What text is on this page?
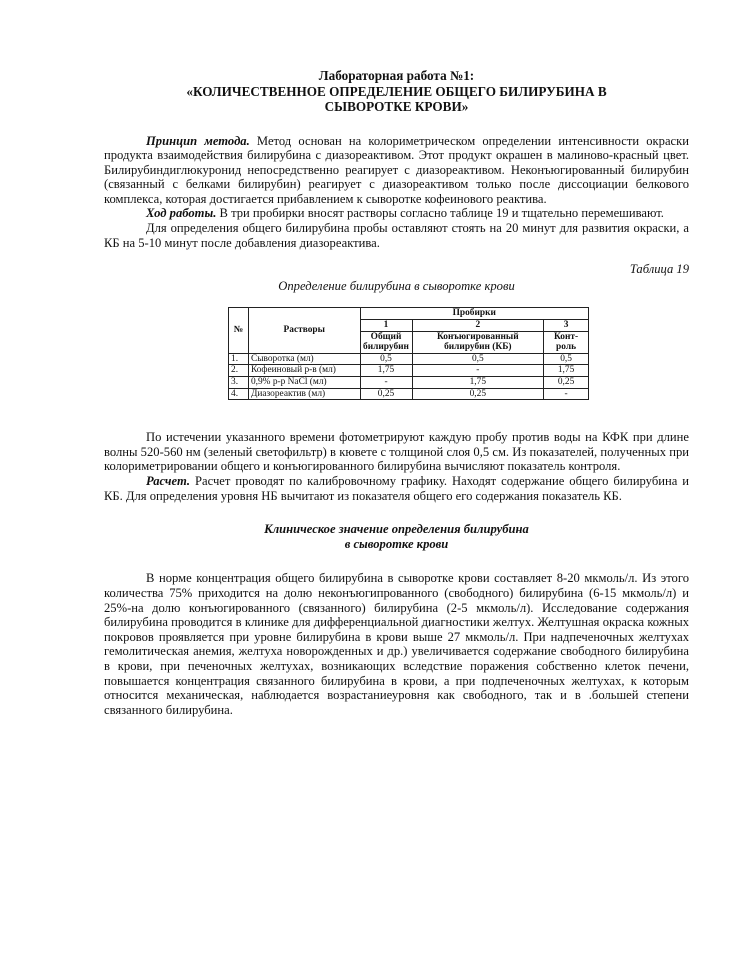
Лабораторная работа №1:
«КОЛИЧЕСТВЕННОЕ ОПРЕДЕЛЕНИЕ ОБЩЕГО БИЛИРУБИНА В
СЫВОРОТКЕ КРОВИ»

Принцип метода. Метод основан на колориметрическом определении интенсивности окраски продукта взаимодействия билирубина с диазореактивом. Этот продукт окрашен в малиново-красный цвет. Билирубиндиглюкуронид непосредственно реагирует с диазореактивом. Неконъюгированный билирубин (связанный с белками билирубин) реагирует с диазореактивом только после диссоциации белкового комплекса, которая достигается прибавлением к сыворотке кофеинового реактива.

Ход работы. В три пробирки вносят растворы согласно таблице 19 и тщательно перемешивают.

Для определения общего билирубина пробы оставляют стоять на 20 минут для развития окраски, а КБ на 5-10 минут после добавления диазореактива.

Таблица 19
Определение билирубина в сыворотке крови
№	Растворы	Пробирки		
		1	2	3
		Общий билирубин	Конъюгированный билирубин (КБ)	Конт-роль
1.	Сыворотка (мл)	0,5	0,5	0,5
2.	Кофеиновый р-в (мл)	1,75	-	1,75
3.	0,9% р-р NaCl (мл)	-	1,75	0,25
4.	Диазореактив (мл)	0,25	0,25	-

По истечении указанного времени фотометрируют каждую пробу против воды на КФК при длине волны 520-560 нм (зеленый светофильтр) в кювете с толщиной слоя 0,5 см. Из показателей, полученных при колориметрировании общего и конъюгированного билирубина вычисляют показатель контроля.

Расчет. Расчет проводят по калибровочному графику. Находят содержание общего билирубина и КБ. Для определения уровня НБ вычитают из показателя общего его содержания показатель КБ.

Клиническое значение определения билирубина
в сыворотке крови

В норме концентрация общего билирубина в сыворотке крови составляет 8-20 мкмоль/л. Из этого количества 75% приходится на долю неконъюгипрованного (свободного) билирубина (6-15 мкмоль/л) и 25%-на долю конъюгированного (связанного) билирубина (2-5 мкмоль/л). Исследование содержания билирубина проводится в клинике для дифференциальной диагностики желтух. Желтушная окраска кожных покровов проявляется при уровне билирубина в крови выше 27 мкмоль/л. При надпеченочных желтухах гемолитическая анемия, желтуха новорожденных и др.) увеличивается содержание свободного билирубина в крови, при печеночных желтухах, возникающих вследствие поражения собственно клеток печени, повышается концентрация связанного билирубина в крови, а при подпеченочных желтухах, к которым относится механическая, наблюдается возрастаниеуровня как свободного, так и в .большей степени связанного билирубина.
